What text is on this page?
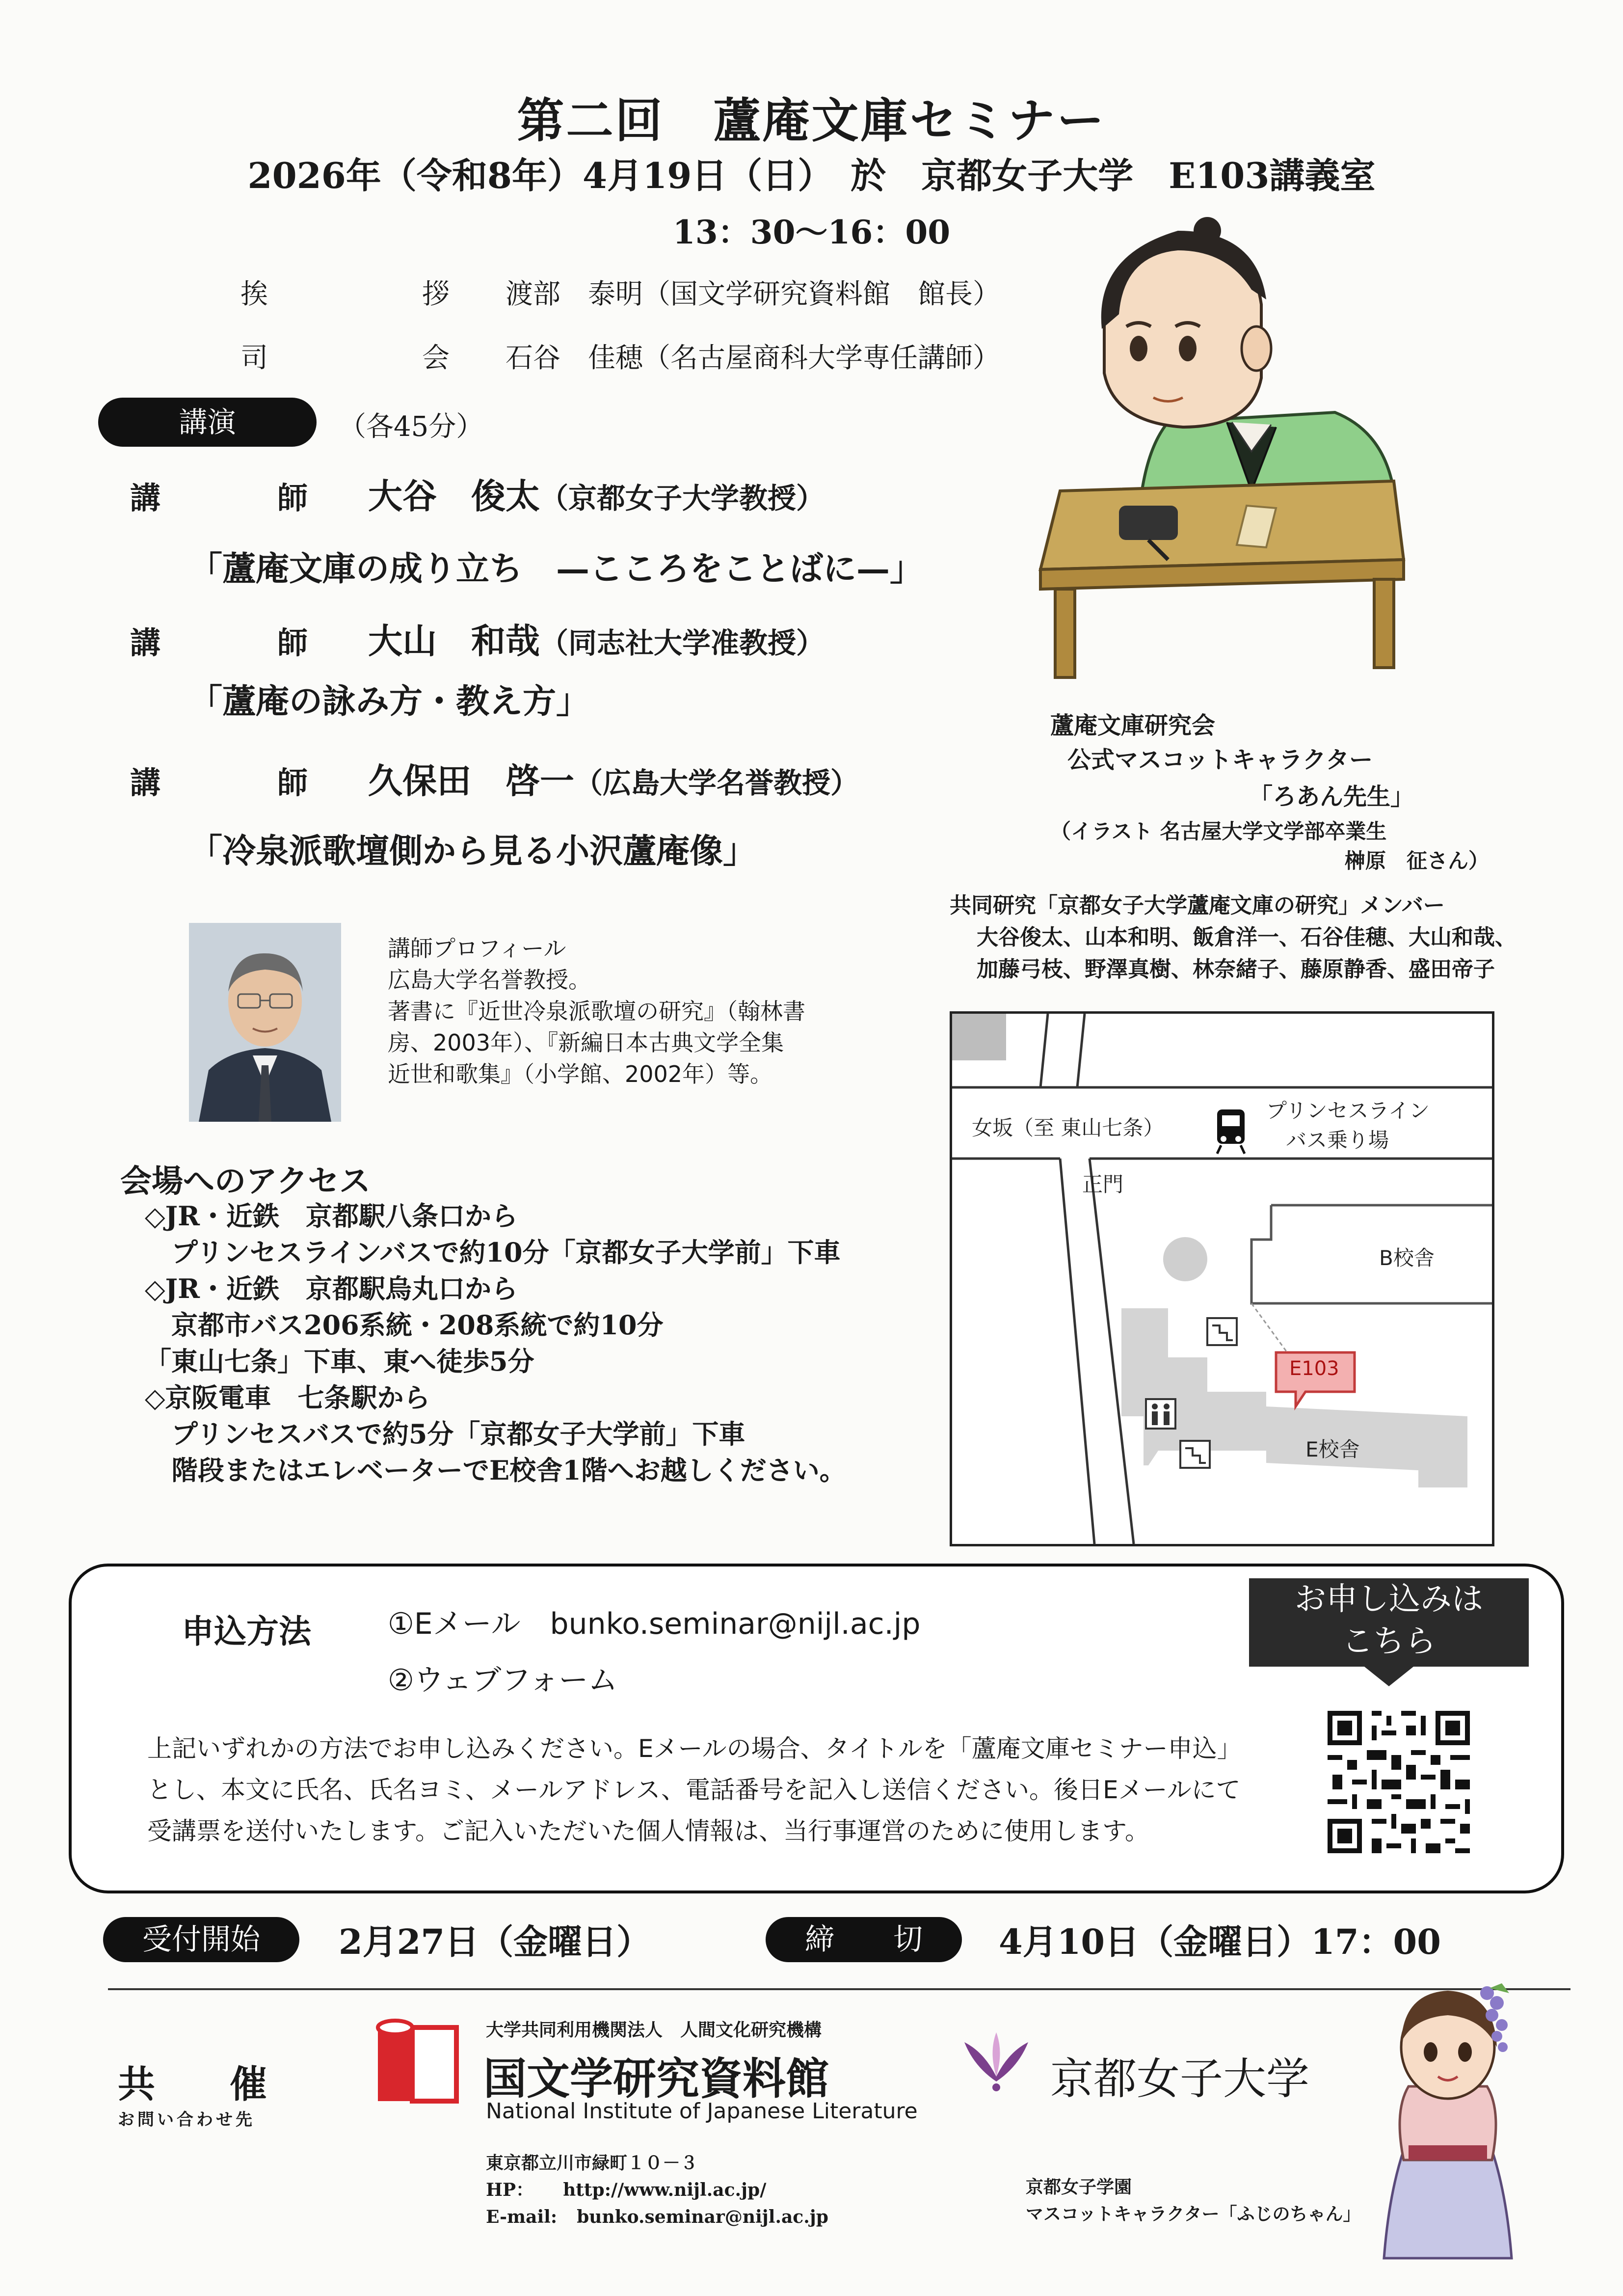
第二回　蘆庵文庫セミナー
2026年（令和8年）4月19日（日）　於　京都女子大学　E103講義室
13：30〜16：00
挨	拶 渡部　泰明（国文学研究資料館　館長）
司	会 石谷　佳穂（名古屋商科大学専任講師）
講演	（各45分）
講	師 大谷　俊太（京都女子大学教授）
「蘆庵文庫の成り立ち　—こころをことばに—」
講	師 大山　和哉（同志社大学准教授）
「蘆庵の詠み方・教え方」
講	師 久保田　啓一（広島大学名誉教授）
「冷泉派歌壇側から見る小沢蘆庵像」
蘆庵文庫研究会
公式マスコットキャラクター
「ろあん先生」
（イラスト 名古屋大学文学部卒業生
榊原　征さん）
共同研究「京都女子大学蘆庵文庫の研究」メンバー
大谷俊太、山本和明、飯倉洋一、石谷佳穂、大山和哉、
加藤弓枝、野澤真樹、林奈緒子、藤原静香、盛田帝子
講師プロフィール
広島大学名誉教授。
著書に『近世冷泉派歌壇の研究』（翰林書
房、2003年）、『新編日本古典文学全集
近世和歌集』（小学館、2002年）等。
会場へのアクセス
◇JR・近鉄　京都駅八条口から
　プリンセスラインバスで約10分「京都女子大学前」下車
◇JR・近鉄　京都駅烏丸口から
　京都市バス206系統・208系統で約10分
「東山七条」下車、東へ徒歩5分
◇京阪電車　七条駅から
　プリンセスバスで約5分「京都女子大学前」下車
　階段またはエレベーターでE校舎1階へお越しください。
女坂（至 東山七条）
プリンセスライン
バス乗り場
正門
B校舎
E校舎
E103
申込方法	①Eメール　bunko.seminar@nijl.ac.jp
②ウェブフォーム
お申し込みは
こちら
上記いずれかの方法でお申し込みください。Eメールの場合、タイトルを「蘆庵文庫セミナー申込」
とし、本文に氏名、氏名ヨミ、メールアドレス、電話番号を記入し送信ください。後日Eメールにて
受講票を送付いたします。ご記入いただいた個人情報は、当行事運営のために使用します。
受付開始	2月27日（金曜日）	締　　切	4月10日（金曜日）17：00
共　　催
お問い合わせ先
大学共同利用機関法人　人間文化研究機構
国文学研究資料館
National Institute of Japanese Literature
東京都立川市緑町１０－３
HP： http://www.nijl.ac.jp/
E-mail: bunko.seminar@nijl.ac.jp
京都女子大学
京都女子学園
マスコットキャラクター「ふじのちゃん」
